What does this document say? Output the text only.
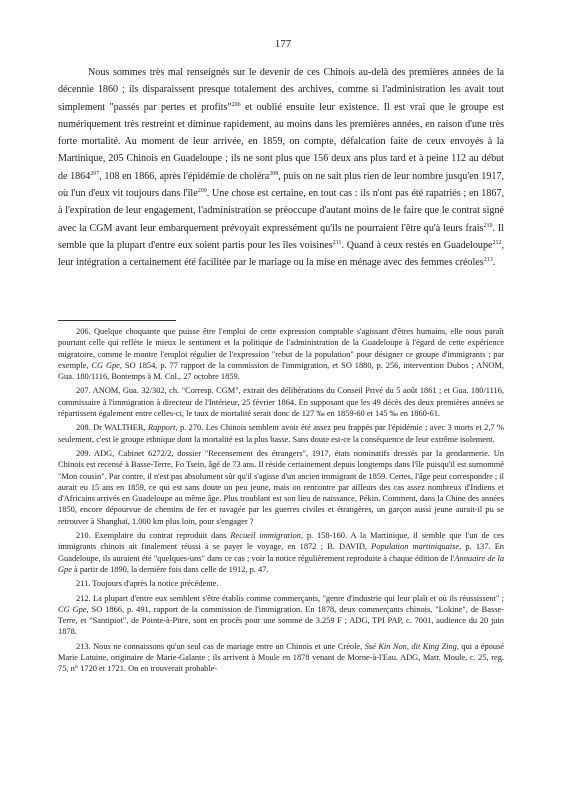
177

Nous sommes très mal renseignés sur le devenir de ces Chinois au-delà des premières années de la décennie 1860 ; ils disparaissent presque totalement des archives, comme si l'administration les avait tout simplement "passés par pertes et profits"$^{206}$ et oublié ensuite leur existence. Il est vrai que le groupe est numériquement très restreint et diminue rapidement, au moins dans les premières années, en raison d'une très forte mortalité. Au moment de leur arrivée, en 1859, on compte, défalcation faite de ceux envoyés à la Martinique, 205 Chinois en Guadeloupe ; ils ne sont plus que 156 deux ans plus tard et à peine 112 au début de 1864$^{207}$, 108 en 1866, après l'épidémie de choléra$^{208}$, puis on ne sait plus rien de leur nombre jusqu'en 1917, où l'un d'eux vit toujours dans l'île$^{209}$. Une chose est certaine, en tout cas : ils n'ont pas été rapatriés ; en 1867, à l'expiration de leur engagement, l'administration se préoccupe d'autant moins de le faire que le contrat signé avec la CGM avant leur embarquement prévoyait expressément qu'ils ne pourraient l'être qu'à leurs frais$^{210}$. Il semble que la plupart d'entre eux soient partis pour les îles voisines$^{211}$. Quand à ceux restés en Guadeloupe$^{212}$, leur intégration a certainement été facilitée par le mariage ou la mise en ménage avec des femmes créoles$^{213}$.

206. Quelque choquante que puisse être l'emploi de cette expression comptable s'agissant d'êtres humains, elle nous paraît pourtant celle qui reflète le mieux le sentiment et la politique de l'administration de la Guadeloupe à l'égard de cette expérience migratoire, comme le montre l'emploi régulier de l'expression "rebut de la population" pour désigner ce groupe d'immigrants ; par exemple, CG Gpe, SO 1854, p. 77 rapport de la commission de l'immigration, et SO 1880, p. 256, intervention Dubos ; ANOM, Gua. 180/1116, Bontemps à M. Col., 27 octobre 1859.

207. ANOM, Gua. 32/302, ch. "Corresp. CGM", extrait des délibérations du Conseil Privé du 5 août 1861 ; et Gua. 180/1116, commissaire à l'immigration à directeur de l'Intérieur, 25 février 1864. En supposant que les 49 décès des deux premières années se répartissent également entre celles-ci, le taux de mortalité serait donc de 127 ‰ en 1859-60 et 145 ‰ en 1860-61.

208. Dr WALTHER, Rapport, p. 270. Les Chinois semblent avoir été assez peu frappés par l'épidémie ; avec 3 morts et 2,7 % seulement, c'est le groupe ethnique dont la mortalité est la plus basse. Sans doute est-ce la conséquence de leur extrême isolement.

209. ADG, Cabinet 6272/2, dossier "Recensement des étrangers", 1917, états nominatifs dressés par la gendarmerie. Un Chinois est recensé à Basse-Terre, Fo Tsein, âgé de 73 ans. Il réside certainement depuis longtemps dans l'île puisqu'il est surnommé "Mon cousin". Par contre, il n'est pas absolument sûr qu'il s'agisse d'un ancien immigrant de 1859. Certes, l'âge peut correspondre ; il aurait eu 15 ans en 1859, ce qui est sans doute un peu jeune, mais on rencontre par ailleurs des cas assez nombreux d'Indiens et d'Africains arrivés en Guadeloupe au même âge. Plus troublant est son lieu de naissance, Pékin. Comment, dans la Chine des années 1850, encore dépourvue de chemins de fer et ravagée par les guerres civiles et étrangères, un garçon aussi jeune aurait-il pu se retrouver à Shanghaï, 1.000 km plus loin, pour s'engager ?

210. Exemplaire du contrat reproduit dans Recueil immigration, p. 158-160. A la Martinique, il semble que l'un de ces immigrants chinois ait finalement réussi à se payer le voyage, en 1872 ; B. DAVID, Population martiniquaise, p. 137. En Guadeloupe, ils auraient été "quelques-uns" dans ce cas ; voir la notice régulièrement reproduite à chaque édition de l'Annuaire de la Gpe à partir de 1890, la dernière fois dans celle de 1912, p. 47.

211. Toujours d'après la notice précédente.

212. La plupart d'entre eux semblent s'être établis comme commerçants, "genre d'industrie qui leur plaît et où ils réussissent" ; CG Gpe, SO 1866, p. 491, rapport de la commission de l'immigration. En 1878, deux commerçants chinois, "Lokine", de Basse-Terre, et "Santipiot", de Pointe-à-Pitre, sont en procès pour une somme de 3.259 F ; ADG, TPI PAP, c. 7001, audience du 20 juin 1878.

213. Nous ne connaissons qu'un seul cas de mariage entre un Chinois et une Créole, Ssé Kin Non, dit King Zing, qui a épousé Marie Latuine, originaire de Marie-Galante ; ils arrivent à Moule en 1878 venant de Morne-à-l'Eau. ADG, Matr. Moule, c. 25, reg. 75, n° 1720 et 1721. On en trouverait probable-
